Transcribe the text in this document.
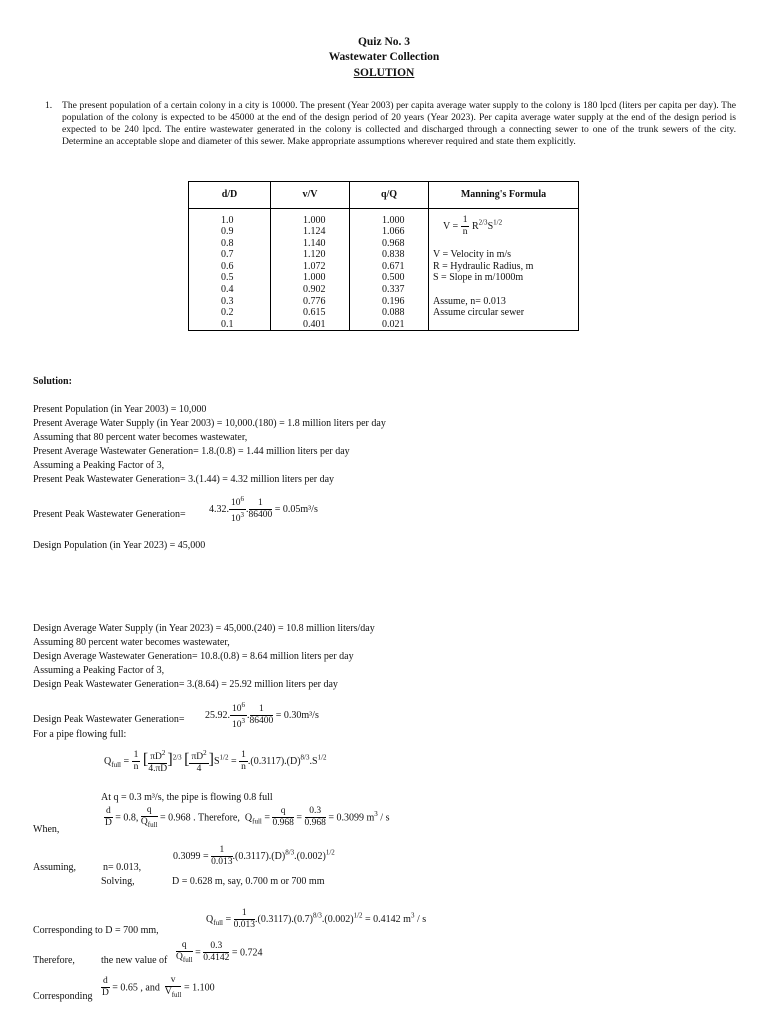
Quiz No. 3
Wastewater Collection
SOLUTION
1. The present population of a certain colony in a city is 10000. The present (Year 2003) per capita average water supply to the colony is 180 lpcd (liters per capita per day). The population of the colony is expected to be 45000 at the end of the design period of 20 years (Year 2023). Per capita average water supply at the end of the design period is expected to be 240 lpcd. The entire wastewater generated in the colony is collected and discharged through a connecting sewer to one of the trunk sewers of the city. Determine an acceptable slope and diameter of this sewer. Make appropriate assumptions wherever required and state them explicitly.
d/D	v/V	q/Q	Manning's Formula

1.0	1.000	1.000	$V = \frac{1}{n} R^{2/3}S^{1/2}$
0.9	1.124	1.066	
0.8	1.140	0.968	
0.7	1.120	0.838	V = Velocity in m/s
0.6	1.072	0.671	R = Hydraulic Radius, m
0.5	1.000	0.500	S = Slope in m/1000m
0.4	0.902	0.337	
0.3	0.776	0.196	Assume, n= 0.013
0.2	0.615	0.088	Assume circular sewer
0.1	0.401	0.021	
Solution:
Present Population (in Year 2003) = 10,000
Present Average Water Supply (in Year 2003) = 10,000.(180) = 1.8 million liters per day
Assuming that 80 percent water becomes wastewater,
Present Average Wastewater Generation= 1.8.(0.8) = 1.44 million liters per day
Assuming a Peaking Factor of 3,
Present Peak Wastewater Generation= 3.(1.44) = 4.32 million liters per day
Present Peak Wastewater Generation= 4.32. $\frac{10^6}{10^3}$ . $\frac{1}{86400} = 0.05m^3/s$
Design Population (in Year 2023) = 45,000
Design Average Water Supply (in Year 2023) = 45,000.(240) = 10.8 million liters/day
Assuming 80 percent water becomes wastewater,
Design Average Wastewater Generation= 10.8.(0.8) = 8.64 million liters per day
Assuming a Peaking Factor of 3,
Design Peak Wastewater Generation= 3.(8.64) = 25.92 million liters per day
Design Peak Wastewater Generation= 25.92. $\frac{10^6}{10^3}$ . $\frac{1}{86400} = 0.30m^3/s$
For a pipe flowing full:
$Q_{full} = \frac{1}{n}$ [ $\frac{\pi D^2}{4.\pi D} ]^{2/3}$ [ $\frac{\pi D^2}{4} ]S^{1/2} = \frac{1}{n} .(0.3117).(D)^{8/3}.S^{1/2}$
At q = 0.3 m³/s, the pipe is flowing 0.8 full
When,
$\frac{d}{D} = 0.8$, $\frac{q}{Q_{full}} = 0.968$ . Therefore,  $Q_{full} = \frac{q}{0.968} = \frac{0.3}{0.968} = 0.3099$ $m^3$ / s
Assuming,	n= 0.013,
$0.3099 = \frac{1}{0.013} .(0.3117).(D)^{8/3}.(0.002)^{1/2}$
Solving,	D = 0.628 m, say, 0.700 m or 700 mm
Corresponding to D = 700 mm,
$Q_{full} = \frac{1}{0.013} .(0.3117).(0.7)^{8/3}.(0.002)^{1/2} = 0.4142$ $m^3$ / s
Therefore,	the new value of $\frac{q}{Q_{full}} = \frac{0.3}{0.4142} = 0.724$
Corresponding $\frac{d}{D} = 0.65$ , and $\frac{v}{V_{full}} = 1.100$
